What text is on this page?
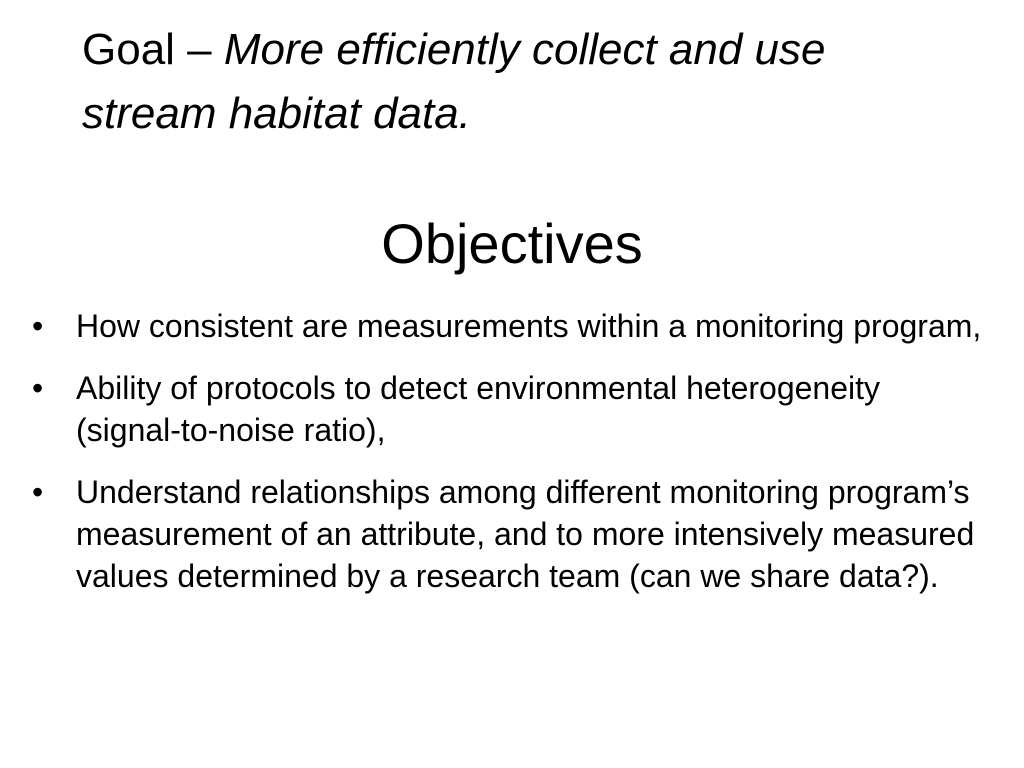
Goal – More efficiently collect and use stream habitat data.

Objectives
• How consistent are measurements within a monitoring program,
• Ability of protocols to detect environmental heterogeneity (signal-to-noise ratio),
• Understand relationships among different monitoring program’s measurement of an attribute, and to more intensively measured values determined by a research team (can we share data?).
